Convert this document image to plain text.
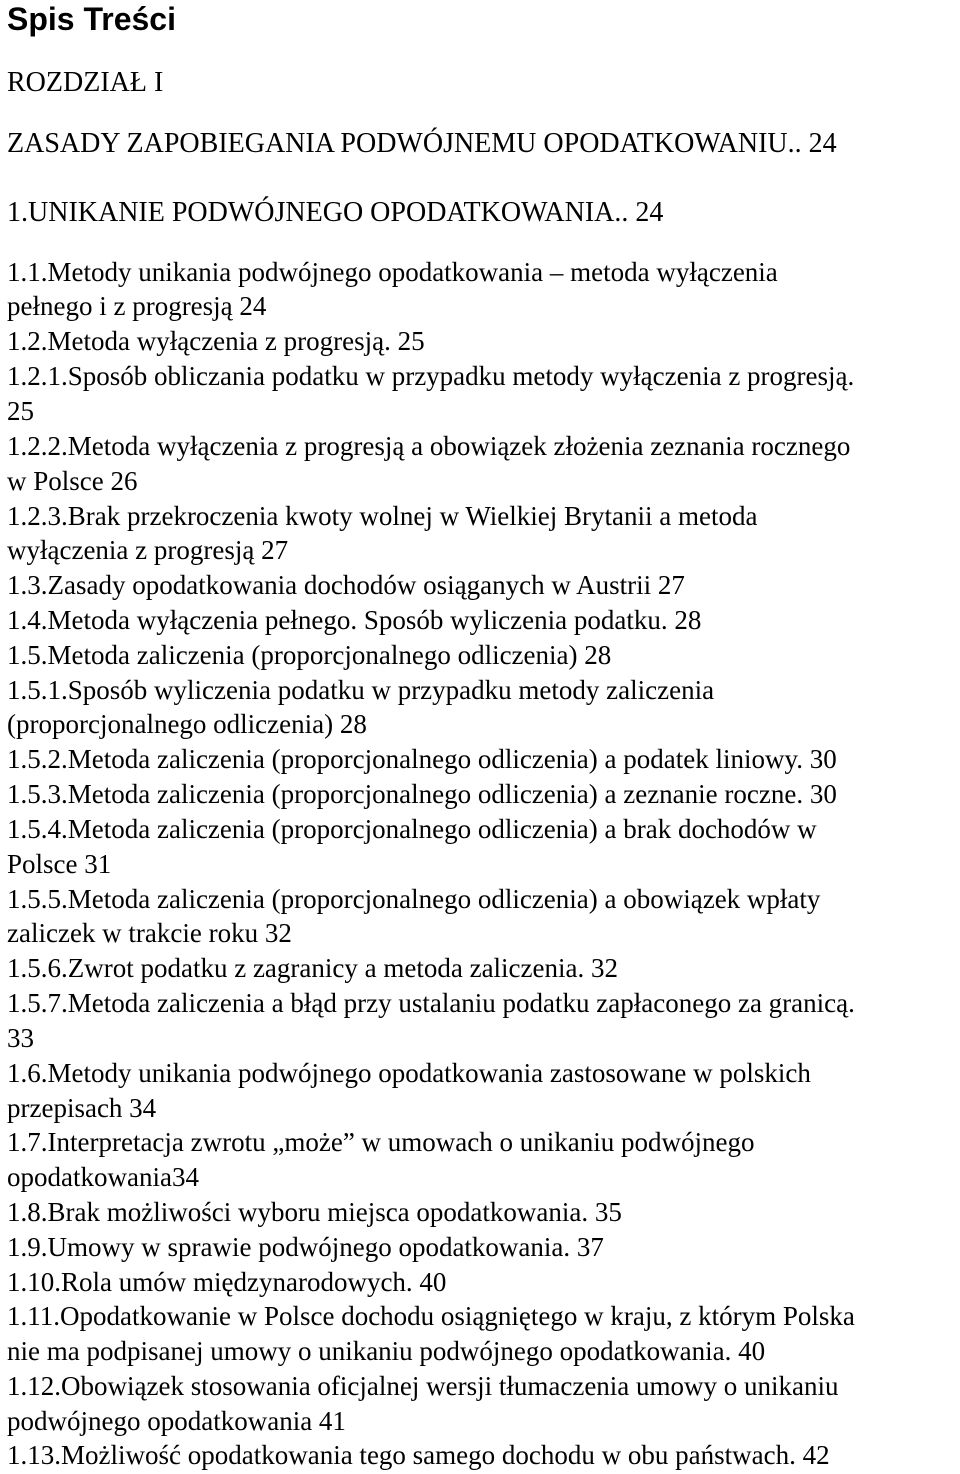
Spis Treści
ROZDZIAŁ I
ZASADY ZAPOBIEGANIA PODWÓJNEMU OPODATKOWANIU.. 24
1.UNIKANIE PODWÓJNEGO OPODATKOWANIA.. 24
1.1.Metody unikania podwójnego opodatkowania – metoda wyłączenia
pełnego i z progresją 24
1.2.Metoda wyłączenia z progresją. 25
1.2.1.Sposób obliczania podatku w przypadku metody wyłączenia z progresją.
25
1.2.2.Metoda wyłączenia z progresją a obowiązek złożenia zeznania rocznego
w Polsce 26
1.2.3.Brak przekroczenia kwoty wolnej w Wielkiej Brytanii a metoda
wyłączenia z progresją 27
1.3.Zasady opodatkowania dochodów osiąganych w Austrii 27
1.4.Metoda wyłączenia pełnego. Sposób wyliczenia podatku. 28
1.5.Metoda zaliczenia (proporcjonalnego odliczenia) 28
1.5.1.Sposób wyliczenia podatku w przypadku metody zaliczenia
(proporcjonalnego odliczenia) 28
1.5.2.Metoda zaliczenia (proporcjonalnego odliczenia) a podatek liniowy. 30
1.5.3.Metoda zaliczenia (proporcjonalnego odliczenia) a zeznanie roczne. 30
1.5.4.Metoda zaliczenia (proporcjonalnego odliczenia) a brak dochodów w
Polsce 31
1.5.5.Metoda zaliczenia (proporcjonalnego odliczenia) a obowiązek wpłaty
zaliczek w trakcie roku 32
1.5.6.Zwrot podatku z zagranicy a metoda zaliczenia. 32
1.5.7.Metoda zaliczenia a błąd przy ustalaniu podatku zapłaconego za granicą.
33
1.6.Metody unikania podwójnego opodatkowania zastosowane w polskich
przepisach 34
1.7.Interpretacja zwrotu „może” w umowach o unikaniu podwójnego
opodatkowania34
1.8.Brak możliwości wyboru miejsca opodatkowania. 35
1.9.Umowy w sprawie podwójnego opodatkowania. 37
1.10.Rola umów międzynarodowych. 40
1.11.Opodatkowanie w Polsce dochodu osiągniętego w kraju, z którym Polska
nie ma podpisanej umowy o unikaniu podwójnego opodatkowania. 40
1.12.Obowiązek stosowania oficjalnej wersji tłumaczenia umowy o unikaniu
podwójnego opodatkowania 41
1.13.Możliwość opodatkowania tego samego dochodu w obu państwach. 42
